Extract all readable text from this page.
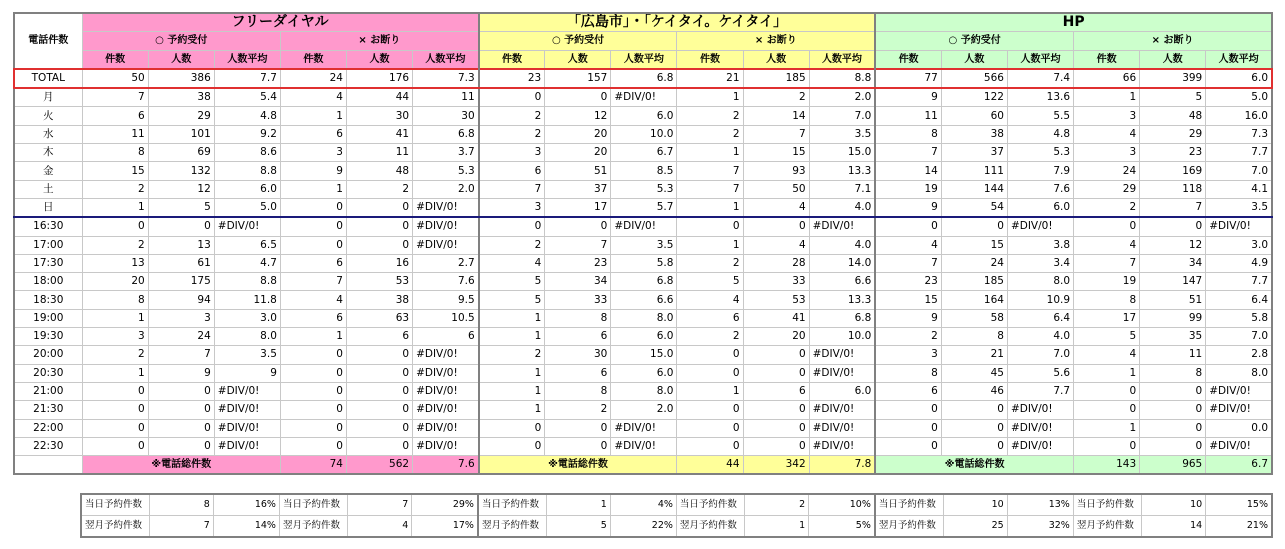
電話件数	フリーダイヤル						「広島市」・「ケイタイ。ケイタイ」						HP					
	○ 予約受付			× お断り			○ 予約受付			× お断り			○ 予約受付			× お断り		
	件数	人数	人数平均	件数	人数	人数平均	件数	人数	人数平均	件数	人数	人数平均	件数	人数	人数平均	件数	人数	人数平均
TOTAL	50	386	7.7	24	176	7.3	23	157	6.8	21	185	8.8	77	566	7.4	66	399	6.0
月	7	38	5.4	4	44	11	0	0	#DIV/0!	1	2	2.0	9	122	13.6	1	5	5.0
火	6	29	4.8	1	30	30	2	12	6.0	2	14	7.0	11	60	5.5	3	48	16.0
水	11	101	9.2	6	41	6.8	2	20	10.0	2	7	3.5	8	38	4.8	4	29	7.3
木	8	69	8.6	3	11	3.7	3	20	6.7	1	15	15.0	7	37	5.3	3	23	7.7
金	15	132	8.8	9	48	5.3	6	51	8.5	7	93	13.3	14	111	7.9	24	169	7.0
土	2	12	6.0	1	2	2.0	7	37	5.3	7	50	7.1	19	144	7.6	29	118	4.1
日	1	5	5.0	0	0	#DIV/0!	3	17	5.7	1	4	4.0	9	54	6.0	2	7	3.5
16:30	0	0	#DIV/0!	0	0	#DIV/0!	0	0	#DIV/0!	0	0	#DIV/0!	0	0	#DIV/0!	0	0	#DIV/0!
17:00	2	13	6.5	0	0	#DIV/0!	2	7	3.5	1	4	4.0	4	15	3.8	4	12	3.0
17:30	13	61	4.7	6	16	2.7	4	23	5.8	2	28	14.0	7	24	3.4	7	34	4.9
18:00	20	175	8.8	7	53	7.6	5	34	6.8	5	33	6.6	23	185	8.0	19	147	7.7
18:30	8	94	11.8	4	38	9.5	5	33	6.6	4	53	13.3	15	164	10.9	8	51	6.4
19:00	1	3	3.0	6	63	10.5	1	8	8.0	6	41	6.8	9	58	6.4	17	99	5.8
19:30	3	24	8.0	1	6	6	1	6	6.0	2	20	10.0	2	8	4.0	5	35	7.0
20:00	2	7	3.5	0	0	#DIV/0!	2	30	15.0	0	0	#DIV/0!	3	21	7.0	4	11	2.8
20:30	1	9	9	0	0	#DIV/0!	1	6	6.0	0	0	#DIV/0!	8	45	5.6	1	8	8.0
21:00	0	0	#DIV/0!	0	0	#DIV/0!	1	8	8.0	1	6	6.0	6	46	7.7	0	0	#DIV/0!
21:30	0	0	#DIV/0!	0	0	#DIV/0!	1	2	2.0	0	0	#DIV/0!	0	0	#DIV/0!	0	0	#DIV/0!
22:00	0	0	#DIV/0!	0	0	#DIV/0!	0	0	#DIV/0!	0	0	#DIV/0!	0	0	#DIV/0!	1	0	0.0
22:30	0	0	#DIV/0!	0	0	#DIV/0!	0	0	#DIV/0!	0	0	#DIV/0!	0	0	#DIV/0!	0	0	#DIV/0!
	※電話総件数			74	562	7.6	※電話総件数			44	342	7.8	※電話総件数			143	965	6.7
当日予約件数	8	16%	当日予約件数	7	29%	当日予約件数	1	4%	当日予約件数	2	10%	当日予約件数	10	13%	当日予約件数	10	15%
翌月予約件数	7	14%	翌月予約件数	4	17%	翌月予約件数	5	22%	翌月予約件数	1	5%	翌月予約件数	25	32%	翌月予約件数	14	21%
